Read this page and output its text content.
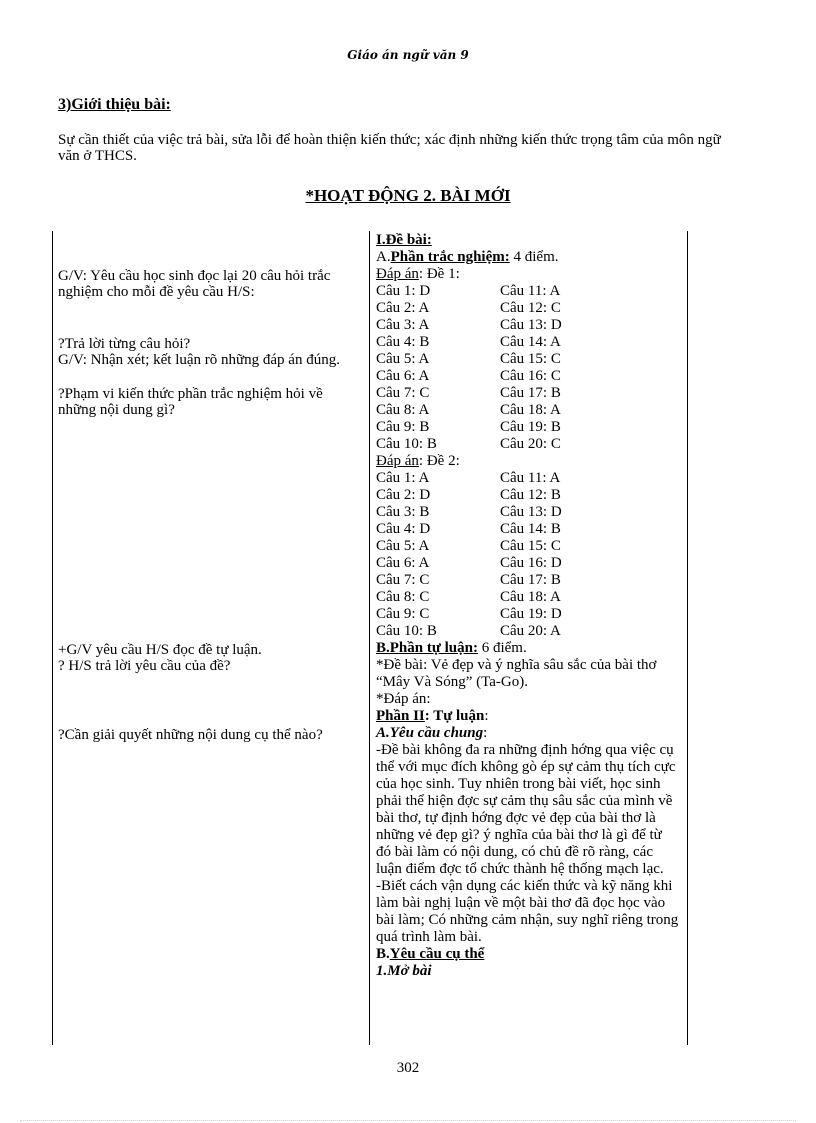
Giáo án ngữ văn 9
3)Giới thiệu bài:
Sự cần thiết của việc trả bài, sửa lỗi để hoàn thiện kiến thức; xác định những kiến thức trọng tâm của môn ngữ văn ở THCS.
*HOẠT ĐỘNG 2. BÀI MỚI
G/V: Yêu cầu học sinh đọc lại 20 câu hỏi trắc nghiệm cho mỗi đề yêu cầu H/S:
?Trả lời từng câu hỏi?
G/V: Nhận xét; kết luận rõ những đáp án đúng.
?Phạm vi kiến thức phần trắc nghiệm hỏi về những nội dung gì?
+G/V yêu cầu H/S đọc đề tự luận.
? H/S trả lời yêu cầu của đề?
?Cần giải quyết những nội dung cụ thể nào?

I.Đề bài:

A.Phần trắc nghiệm: 4 điểm.

Đáp án: Đề 1:

Câu 1: D	Câu 11: A
Câu 2: A	Câu 12: C
Câu 3: A	Câu 13: D
Câu 4: B	Câu 14: A
Câu 5: A	Câu 15: C
Câu 6: A	Câu 16: C
Câu 7: C	Câu 17: B
Câu 8: A	Câu 18: A
Câu 9: B	Câu 19: B
Câu 10: B	Câu 20: C

Đáp án: Đề 2:

Câu 1: A	Câu 11: A
Câu 2: D	Câu 12: B
Câu 3: B	Câu 13: D
Câu 4: D	Câu 14: B
Câu 5: A	Câu 15: C
Câu 6: A	Câu 16: D
Câu 7: C	Câu 17: B
Câu 8: C	Câu 18: A
Câu 9: C	Câu 19: D
Câu 10: B	Câu 20: A

B.Phần tự luận: 6 điểm.

*Đề bài: Vẻ đẹp và ý nghĩa sâu sắc của bài thơ “Mây Và Sóng” (Ta-Go).

*Đáp án:

Phần II: Tự luận:

A.Yêu cầu chung:

-Đề bài không đa ra những định hớng qua việc cụ thể với mục đích không gò ép sự cảm thụ tích cực của học sinh. Tuy nhiên trong bài viết, học sinh phải thể hiện đợc sự cảm thụ sâu sắc của mình về bài thơ, tự định hớng đợc vẻ đẹp của bài thơ là những vẻ đẹp gì? ý nghĩa của bài thơ là gì để từ đó bài làm có nội dung, có chủ đề rõ ràng, các luận điểm đợc tổ chức thành hệ thống mạch lạc.

-Biết cách vận dụng các kiến thức và kỹ năng khi làm bài nghị luận về một bài thơ đã đọc học vào bài làm; Có những cảm nhận, suy nghĩ riêng trong quá trình làm bài.

B.Yêu cầu cụ thể

1.Mở bài

302
